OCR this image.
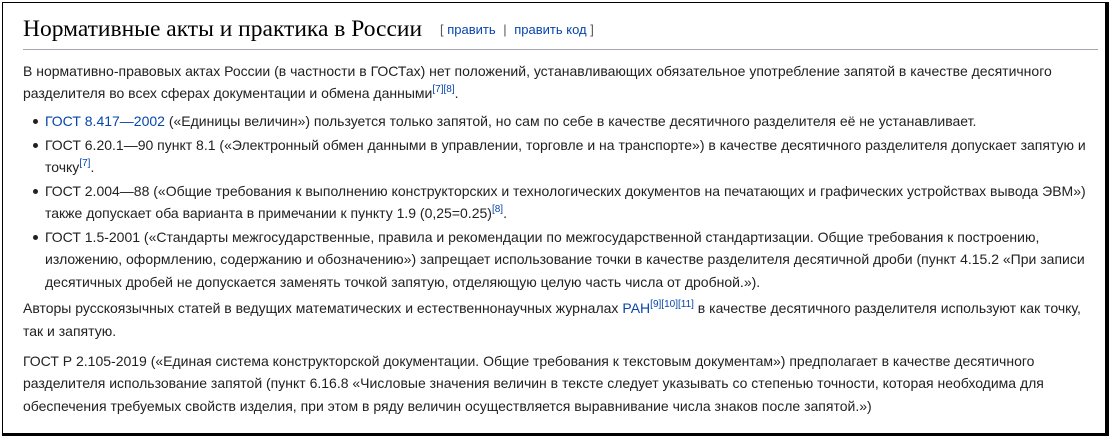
Нормативные акты и практика в России [ править | править код ]

В нормативно-правовых актах России (в частности в ГОСТах) нет положений, устанавливающих обязательное употребление запятой в качестве десятичного разделителя во всех сферах документации и обмена данными[7][8].

ГОСТ 8.417—2002 («Единицы величин») пользуется только запятой, но сам по себе в качестве десятичного разделителя её не устанавливает.
ГОСТ 6.20.1—90 пункт 8.1 («Электронный обмен данными в управлении, торговле и на транспорте») в качестве десятичного разделителя допускает запятую и точку[7].
ГОСТ 2.004—88 («Общие требования к выполнению конструкторских и технологических документов на печатающих и графических устройствах вывода ЭВМ») также допускает оба варианта в примечании к пункту 1.9 (0,25=0.25)[8].
ГОСТ 1.5-2001 («Стандарты межгосударственные, правила и рекомендации по межгосударственной стандартизации. Общие требования к построению, изложению, оформлению, содержанию и обозначению») запрещает использование точки в качестве разделителя десятичной дроби (пункт 4.15.2 «При записи десятичных дробей не допускается заменять точкой запятую, отделяющую целую часть числа от дробной.»).

Авторы русскоязычных статей в ведущих математических и естественнонаучных журналах РАН[9][10][11] в качестве десятичного разделителя используют как точку, так и запятую.

ГОСТ Р 2.105-2019 («Единая система конструкторской документации. Общие требования к текстовым документам») предполагает в качестве десятичного разделителя использование запятой (пункт 6.16.8 «Числовые значения величин в тексте следует указывать со степенью точности, которая необходима для обеспечения требуемых свойств изделия, при этом в ряду величин осуществляется выравнивание числа знаков после запятой.»)
